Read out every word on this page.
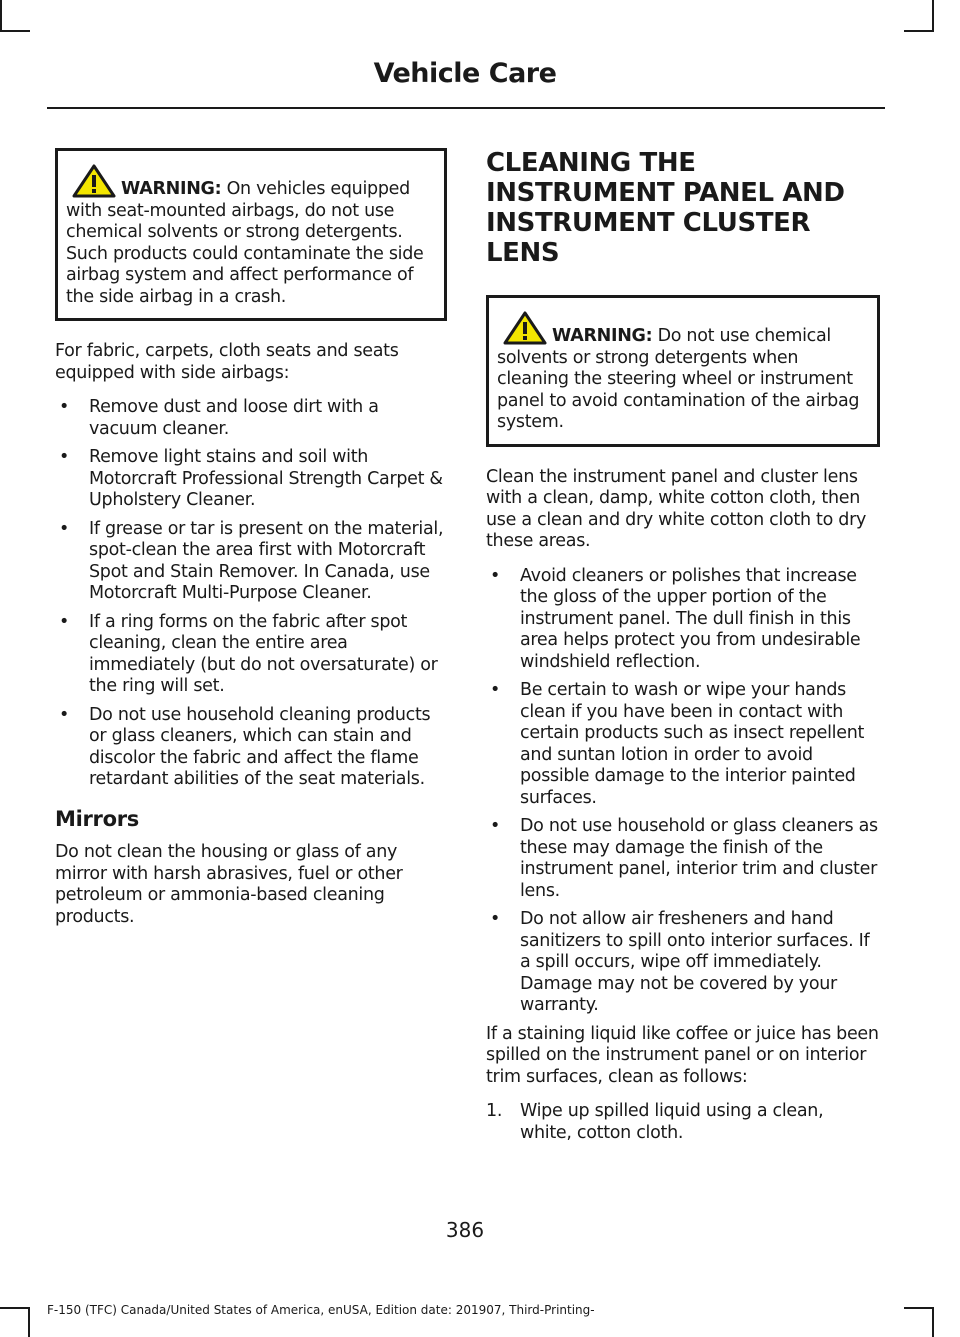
Vehicle Care
WARNING: On vehicles equipped with seat-mounted airbags, do not use chemical solvents or strong detergents. Such products could contaminate the side airbag system and affect performance of the side airbag in a crash.

For fabric, carpets, cloth seats and seats equipped with side airbags:

• Remove dust and loose dirt with a vacuum cleaner.
• Remove light stains and soil with Motorcraft Professional Strength Carpet & Upholstery Cleaner.
• If grease or tar is present on the material, spot-clean the area first with Motorcraft Spot and Stain Remover. In Canada, use Motorcraft Multi-Purpose Cleaner.
• If a ring forms on the fabric after spot cleaning, clean the entire area immediately (but do not oversaturate) or the ring will set.
• Do not use household cleaning products or glass cleaners, which can stain and discolor the fabric and affect the flame retardant abilities of the seat materials.
Mirrors

Do not clean the housing or glass of any mirror with harsh abrasives, fuel or other petroleum or ammonia-based cleaning products.

CLEANING THE INSTRUMENT PANEL AND INSTRUMENT CLUSTER LENS
WARNING: Do not use chemical solvents or strong detergents when cleaning the steering wheel or instrument panel to avoid contamination of the airbag system.

Clean the instrument panel and cluster lens with a clean, damp, white cotton cloth, then use a clean and dry white cotton cloth to dry these areas.

• Avoid cleaners or polishes that increase the gloss of the upper portion of the instrument panel. The dull finish in this area helps protect you from undesirable windshield reflection.
• Be certain to wash or wipe your hands clean if you have been in contact with certain products such as insect repellent and suntan lotion in order to avoid possible damage to the interior painted surfaces.
• Do not use household or glass cleaners as these may damage the finish of the instrument panel, interior trim and cluster lens.
• Do not allow air fresheners and hand sanitizers to spill onto interior surfaces. If a spill occurs, wipe off immediately. Damage may not be covered by your warranty.

If a staining liquid like coffee or juice has been spilled on the instrument panel or on interior trim surfaces, clean as follows:

1. Wipe up spilled liquid using a clean, white, cotton cloth.
386
F-150 (TFC) Canada/United States of America, enUSA, Edition date: 201907, Third-Printing-
